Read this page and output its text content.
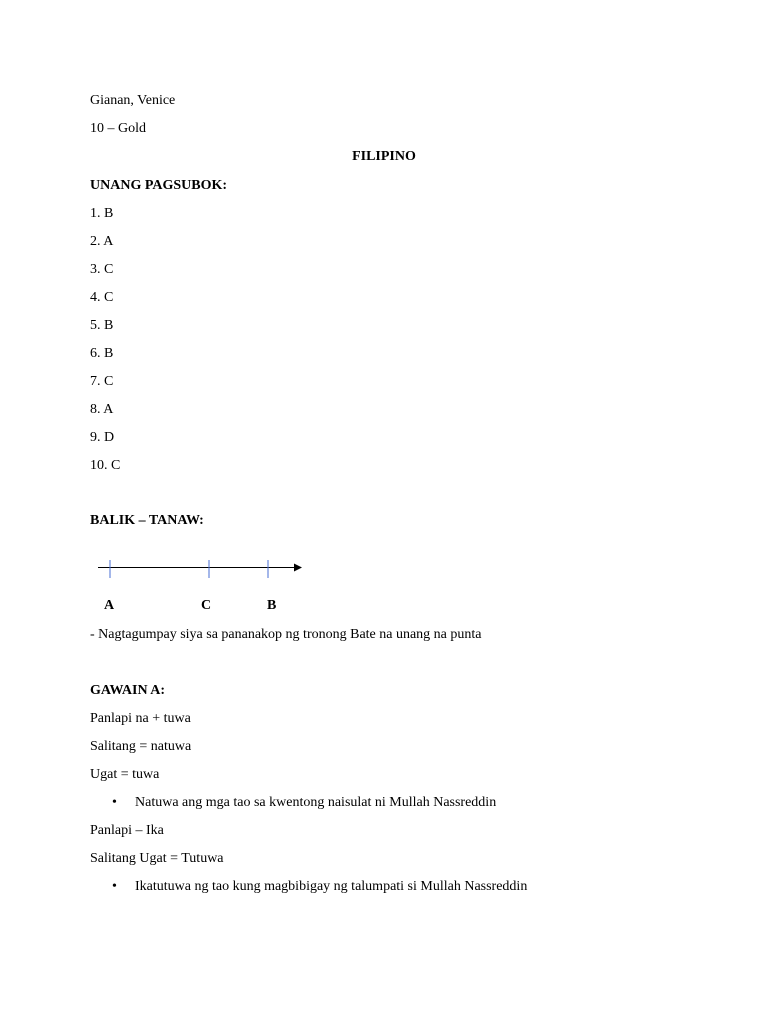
Gianan, Venice
10 – Gold
FILIPINO
UNANG PAGSUBOK:
1. B
2. A
3. C
4. C
5. B
6. B
7. C
8. A
9. D
10. C
BALIK – TANAW:
A	C	B
- Nagtagumpay siya sa pananakop ng tronong Bate na unang na punta
GAWAIN A:
Panlapi na + tuwa
Salitang = natuwa
Ugat = tuwa
• Natuwa ang mga tao sa kwentong naisulat ni Mullah Nassreddin
Panlapi – Ika
Salitang Ugat = Tutuwa
• Ikatutuwa ng tao kung magbibigay ng talumpati si Mullah Nassreddin
